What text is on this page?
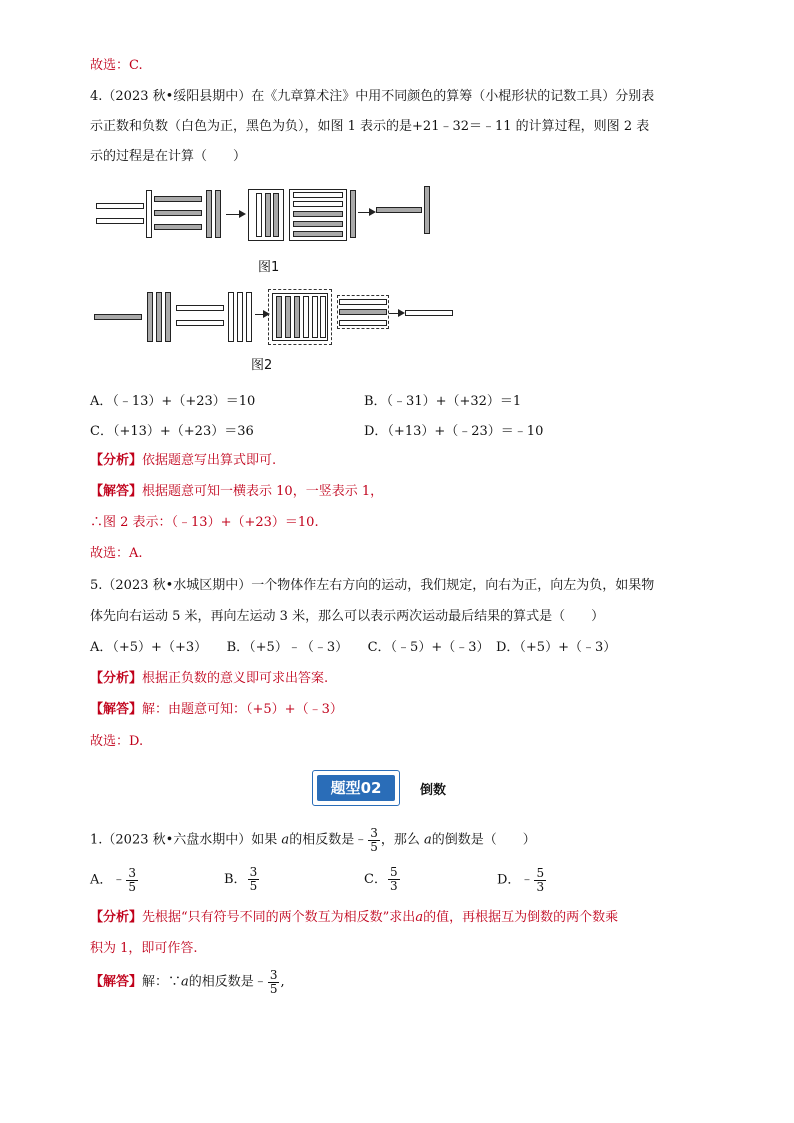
故选：C.
4.（2023 秋•绥阳县期中）在《九章算术注》中用不同颜色的算筹（小棍形状的记数工具）分别表
示正数和负数（白色为正，黑色为负），如图 1 表示的是+21﹣32＝﹣11 的计算过程，则图 2 表
示的过程是在计算（　　）
图1
图2
A．（﹣13）+（+23）＝10	B．（﹣31）+（+32）＝1
C．（+13）+（+23）＝36	D．（+13）+（﹣23）＝﹣10
【分析】依据题意写出算式即可.
【解答】根据题意可知一横表示 10，一竖表示 1，
∴图 2 表示：（﹣13）+（+23）＝10.
故选：A.
5.（2023 秋•水城区期中）一个物体作左右方向的运动，我们规定，向右为正，向左为负，如果物
体先向右运动 5 米，再向左运动 3 米，那么可以表示两次运动最后结果的算式是（　　）
A．（+5）+（+3）　　B．（+5）﹣（﹣3）　　C．（﹣5）+（﹣3）　D．（+5）+（﹣3）
【分析】根据正负数的意义即可求出答案.
【解答】解：由题意可知：（+5）+（﹣3）
故选：D.
题型02	倒数
1.（2023 秋•六盘水期中）如果 a的相反数是﹣ $\frac{3}{5}$ ，那么 a的倒数是（　　）
A．﹣ $\frac{3}{5}$	B． $\frac{3}{5}$	C． $\frac{5}{3}$	D．﹣ $\frac{5}{3}$
【分析】先根据“只有符号不同的两个数互为相反数”求出a的值，再根据互为倒数的两个数乘
积为 1，即可作答.
【解答】解：∵a的相反数是﹣ $\frac{3}{5}$ ,
